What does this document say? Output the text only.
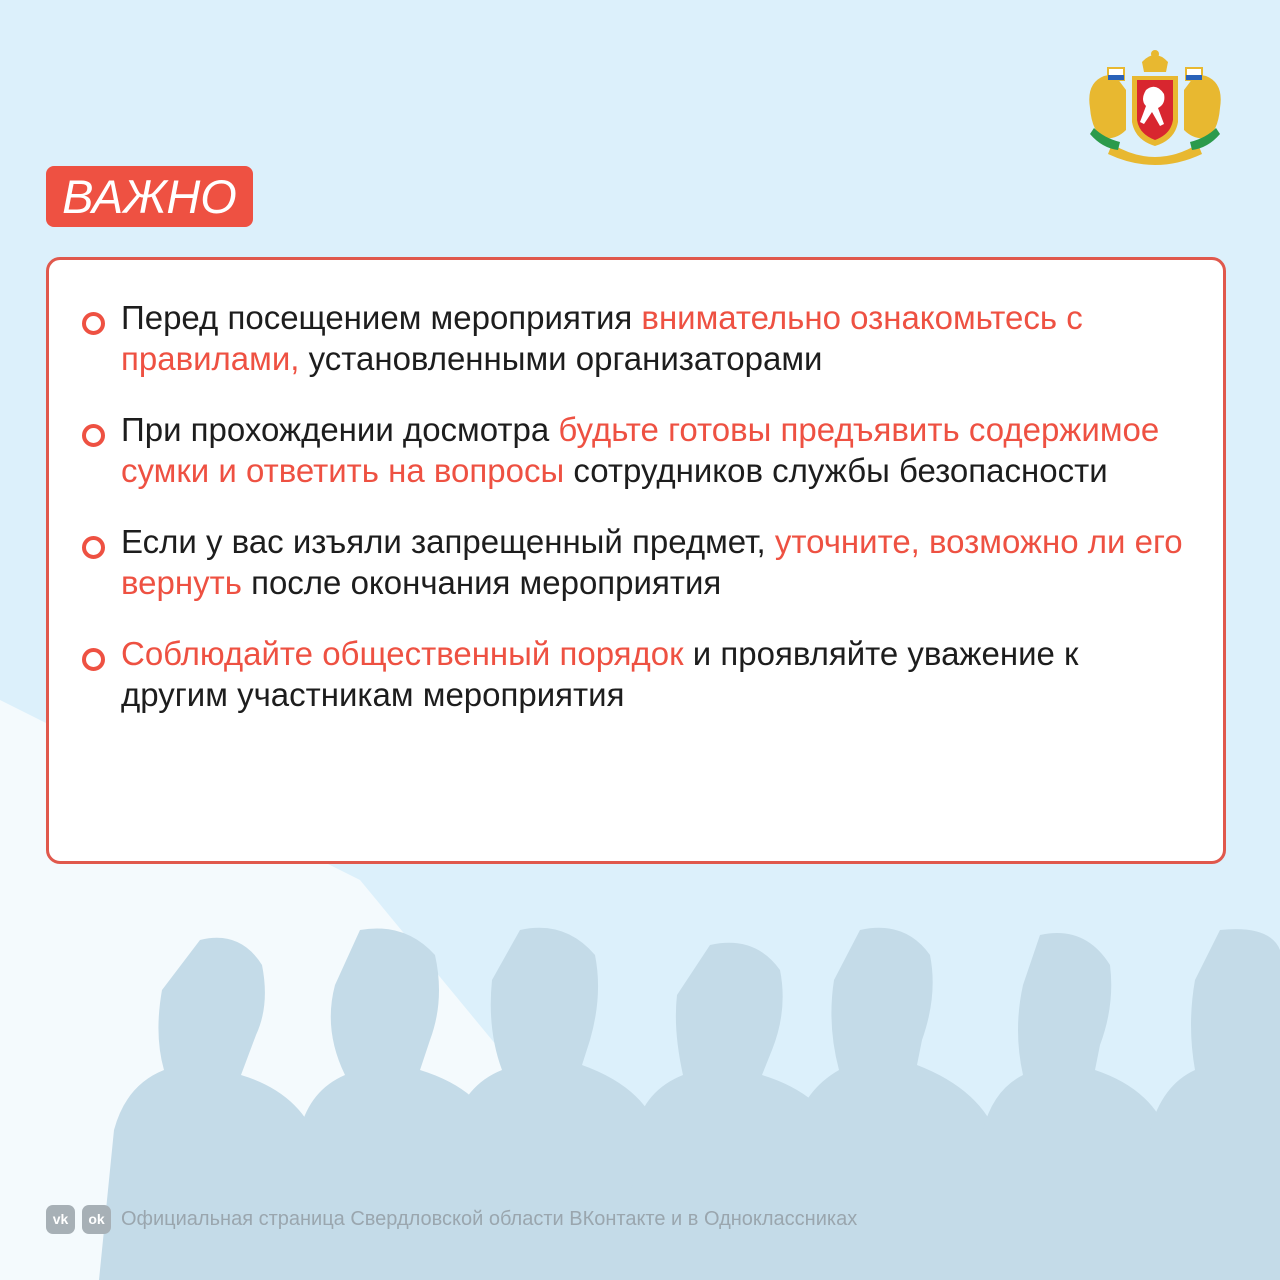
ВАЖНО
Перед посещением мероприятия внимательно ознакомьтесь с правилами, установленными организаторами
При прохождении досмотра будьте готовы предъявить содержимое сумки и ответить на вопросы сотрудников службы безопасности
Если у вас изъяли запрещенный предмет, уточните, возможно ли его вернуть после окончания мероприятия
Соблюдайте общественный порядок и проявляйте уважение к другим участникам мероприятия
vk	ok Официальная страница Свердловской области ВКонтакте и в Одноклассниках
